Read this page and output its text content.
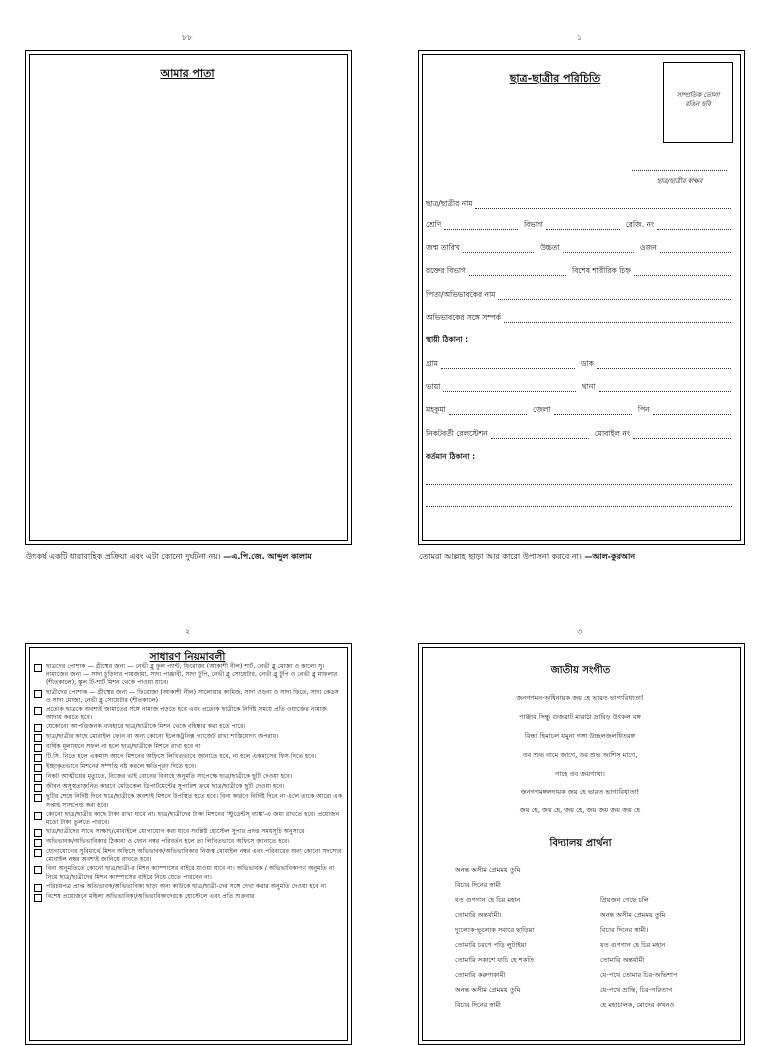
৮৮
আমার পাতা
উৎকর্ষ একটি ধারাবাহিক প্রক্রিয়া এবং এটা কোনো দুর্ঘটনা নয়। —এ.পি.জে. আব্দুল কালাম
১
ছাত্র-ছাত্রীর পরিচিতি
সাম্প্রতিক তোলা
রঙিন ছবি
ছাত্র/ছাত্রীর স্বাক্ষর
ছাত্র/ছাত্রীর নাম
শ্রেণি	বিভাগ	রেজি. নং
জন্ম তারিখ	উচ্চতা	ওজন
রক্তের বিভাগ	বিশেষ শারীরিক চিহ্ন
পিতা/অভিভাবকের নাম
অভিভাবকের সঙ্গে সম্পর্ক
স্থায়ী ঠিকানা :
গ্রাম	ডাক
ভায়া	থানা
মহকুমা	জেলা	পিন
নিকটবর্তী রেলস্টেশন	মোবাইল নং
বর্তমান ঠিকানা :
তোমরা আল্লাহ ছাড়া আর কারো উপাসনা করবে না। —আল-কুরআন
২
সাধারণ নিয়মাবলী
ছাত্রদের পোশাক — গ্রীষ্মের জন্য — নেভী ব্লু ফুল প্যান্ট, ফিরোজা (আকাশী নীল) শার্ট, নেভী ব্লু মোজা ও কালো সু। নামাজের জন্য — সাদা চুড়িদার পায়জামা, সাদা পাঞ্জাবী, সাদা টুপি, নেভী ব্লু সোয়েটার, নেভী ব্লু টুপি ও নেভী ব্লু মাফলার (শীতকালে), স্কুল টি-শার্ট মিশন থেকে পাওয়া যাবে।
ছাত্রীদের পোশাক — গ্রীষ্মের জন্য — ফিরোজা (আকাশী নীল) সালোয়ার কামিজ, সাদা ওড়না ও সাদা ফিতে, সাদা কেডস ও সাদা মোজা, নেভী ব্লু সোয়েটার (শীতকালে)
প্রত্যেক ছাত্রকে অবশ্যই জামাতের সঙ্গে নামাজ পড়তে হবে এবং প্রত্যেক ছাত্রীকে নির্দিষ্ট সময়ে প্রতি ওয়াক্তের নামাজ আদায় করতে হবে।
যেকোনো আপত্তিজনক ব্যবহারে ছাত্র/ছাত্রীকে মিশন থেকে বহিষ্কার করা হতে পারে।
ছাত্র/ছাত্রীর কাছে মোবাইল ফোন বা অন্য কোনো ইলেকট্রনিক্স গ্যাজেট রাখা শাস্তিযোগ্য অপরাধ।
বার্ষিক মূল্যায়নে সফল না হলে ছাত্র/ছাত্রীকে মিশনে রাখা হবে না
টি.সি. নিতে হলে একমাস আগে মিশনের অফিসে লিখিতভাবে জানাতে হবে, না হলে একমাসের ফিস দিতে হবে।
ইচ্ছাকৃতভাবে মিশনের সম্পত্তি নষ্ট করলে ক্ষতিপূরণ দিতে হবে।
নিকট আত্মীয়ের মৃত্যুতে, নিজের ভাই বোনের বিবাহে অনুমতি সাপেক্ষে ছাত্র/ছাত্রীকে ছুটি দেওয়া হবে।
জীবন অসুস্থতাজনিত কারণে মেডিকেল ডিপার্টমেন্টের সুপারিশ ক্রমে ছাত্র/ছাত্রীকে ছুটি দেওয়া হবে।
ছুটির শেষে নির্দিষ্ট দিনে ছাত্র/ছাত্রীকে অবশ্যই মিশনে উপস্থিত হতে হবে। বিনা কারণে নির্দিষ্ট দিনে না এলে তাকে আরো এক সপ্তাহ সাসপেন্ড করা হবে।
কোনো ছাত্র/ছাত্রীর কাছে টাকা রাখা যাবে না। ছাত্র/ছাত্রীদের টাকা মিশনের 'স্টুডেন্টস্ ব্যাঙ্ক'-এ জমা রাখতে হবে। প্রয়োজন মতো টাকা তুলতে পারবে।
ছাত্র/ছাত্রীদের সাথে সাক্ষাৎ/মোবাইলে যোগাযোগ করা যাবে সংশ্লিষ্ট হোস্টেল সুপার প্রদত্ত সময়সূচি অনুসারে
অভিভাবক/অভিভাবিকার ঠিকানা ও ফোন নম্বর পরিবর্তন হলে তা লিখিতভাবে অফিসে জানাতে হবে।
যোগাযোগের সুবিধার্থে মিশন অফিসে অভিভাবক/অভিভাবিকার নিজস্ব মোবাইল নম্বর এবং পরিবারের অন্য কোনো সদস্যের মোবাইল নম্বর অবশ্যই জানিয়ে রাখতে হবে।
বিনা অনুমতিতে কোনো ছাত্র/ছাত্রী-র মিশন ক্যাম্পাসের বাইরে যাওয়া যাবে না। অভিভাবক / অভিভাবিকাগণ অনুমতি না নিয়ে ছাত্র/ছাত্রীদের মিশন ক্যাম্পাসের বাইরে নিয়ে যেতে পারবেন না।
পরিচয়পত্র প্রাপ্ত অভিভাবক/অভিভাবিকা ছাড়া অন্য কাউকে ছাত্র/ছাত্রী-দের সঙ্গে দেখা করার অনুমতি দেওয়া হবে না
বিশেষ প্রয়োজনে মহিলা অভিভাবিকা/অভিভাবিকাদেরকে হোস্টেলে এবং প্রতি শুক্রবার
৩
জাতীয় সংগীত
জনগণমন-অধিনায়ক জয় হে ভারত ভাগ্যবিধাতা!
পাঞ্জাব সিন্ধু গুজরাট মারাঠা দ্রাবিড় উৎকল বঙ্গ
বিন্ধ্য হিমাচল যমুনা গঙ্গা উচ্ছলজলধিতরঙ্গ
তব শুভ নামে জাগে, তব শুভ আশিস মাগে,
গাহে তব জয়গাথা।
জনগণমঙ্গলদায়ক জয় হে ভারত ভাগ্যবিধাতা!
জয় হে, জয় হে, জয় হে, জয় জয় জয় জয় হে
বিদ্যালয় প্রার্থনা
অনন্ত অসীম প্রেমময় তুমি
বিচার দিনের স্বামী
যত গুণগান হে চির মহান
তোমারি অন্তর্যামী।
দ্যুলোক-ভূলোক সবারে ছাড়িয়া
তোমারি চরণে পড়ি লুটাইয়া
তোমারি সকাশে যাচি হে শকতি
তোমারি করুণাকামী
অনন্ত অসীম প্রেমময় তুমি
বিচার দিনের স্বামী
প্রিয়জন গেছে চলি
অনন্ত অসীম প্রেমময় তুমি
বিচার দিনের স্বামী।
যত গুণগান হে চির মহান
তোমারি অন্তর্যামী
যে-পথে তোমার চির-অভিশাপ
যে-পথে ভ্রান্তি, চির-পরিতাপ
হে মহাচালক, মোদের কখনও
